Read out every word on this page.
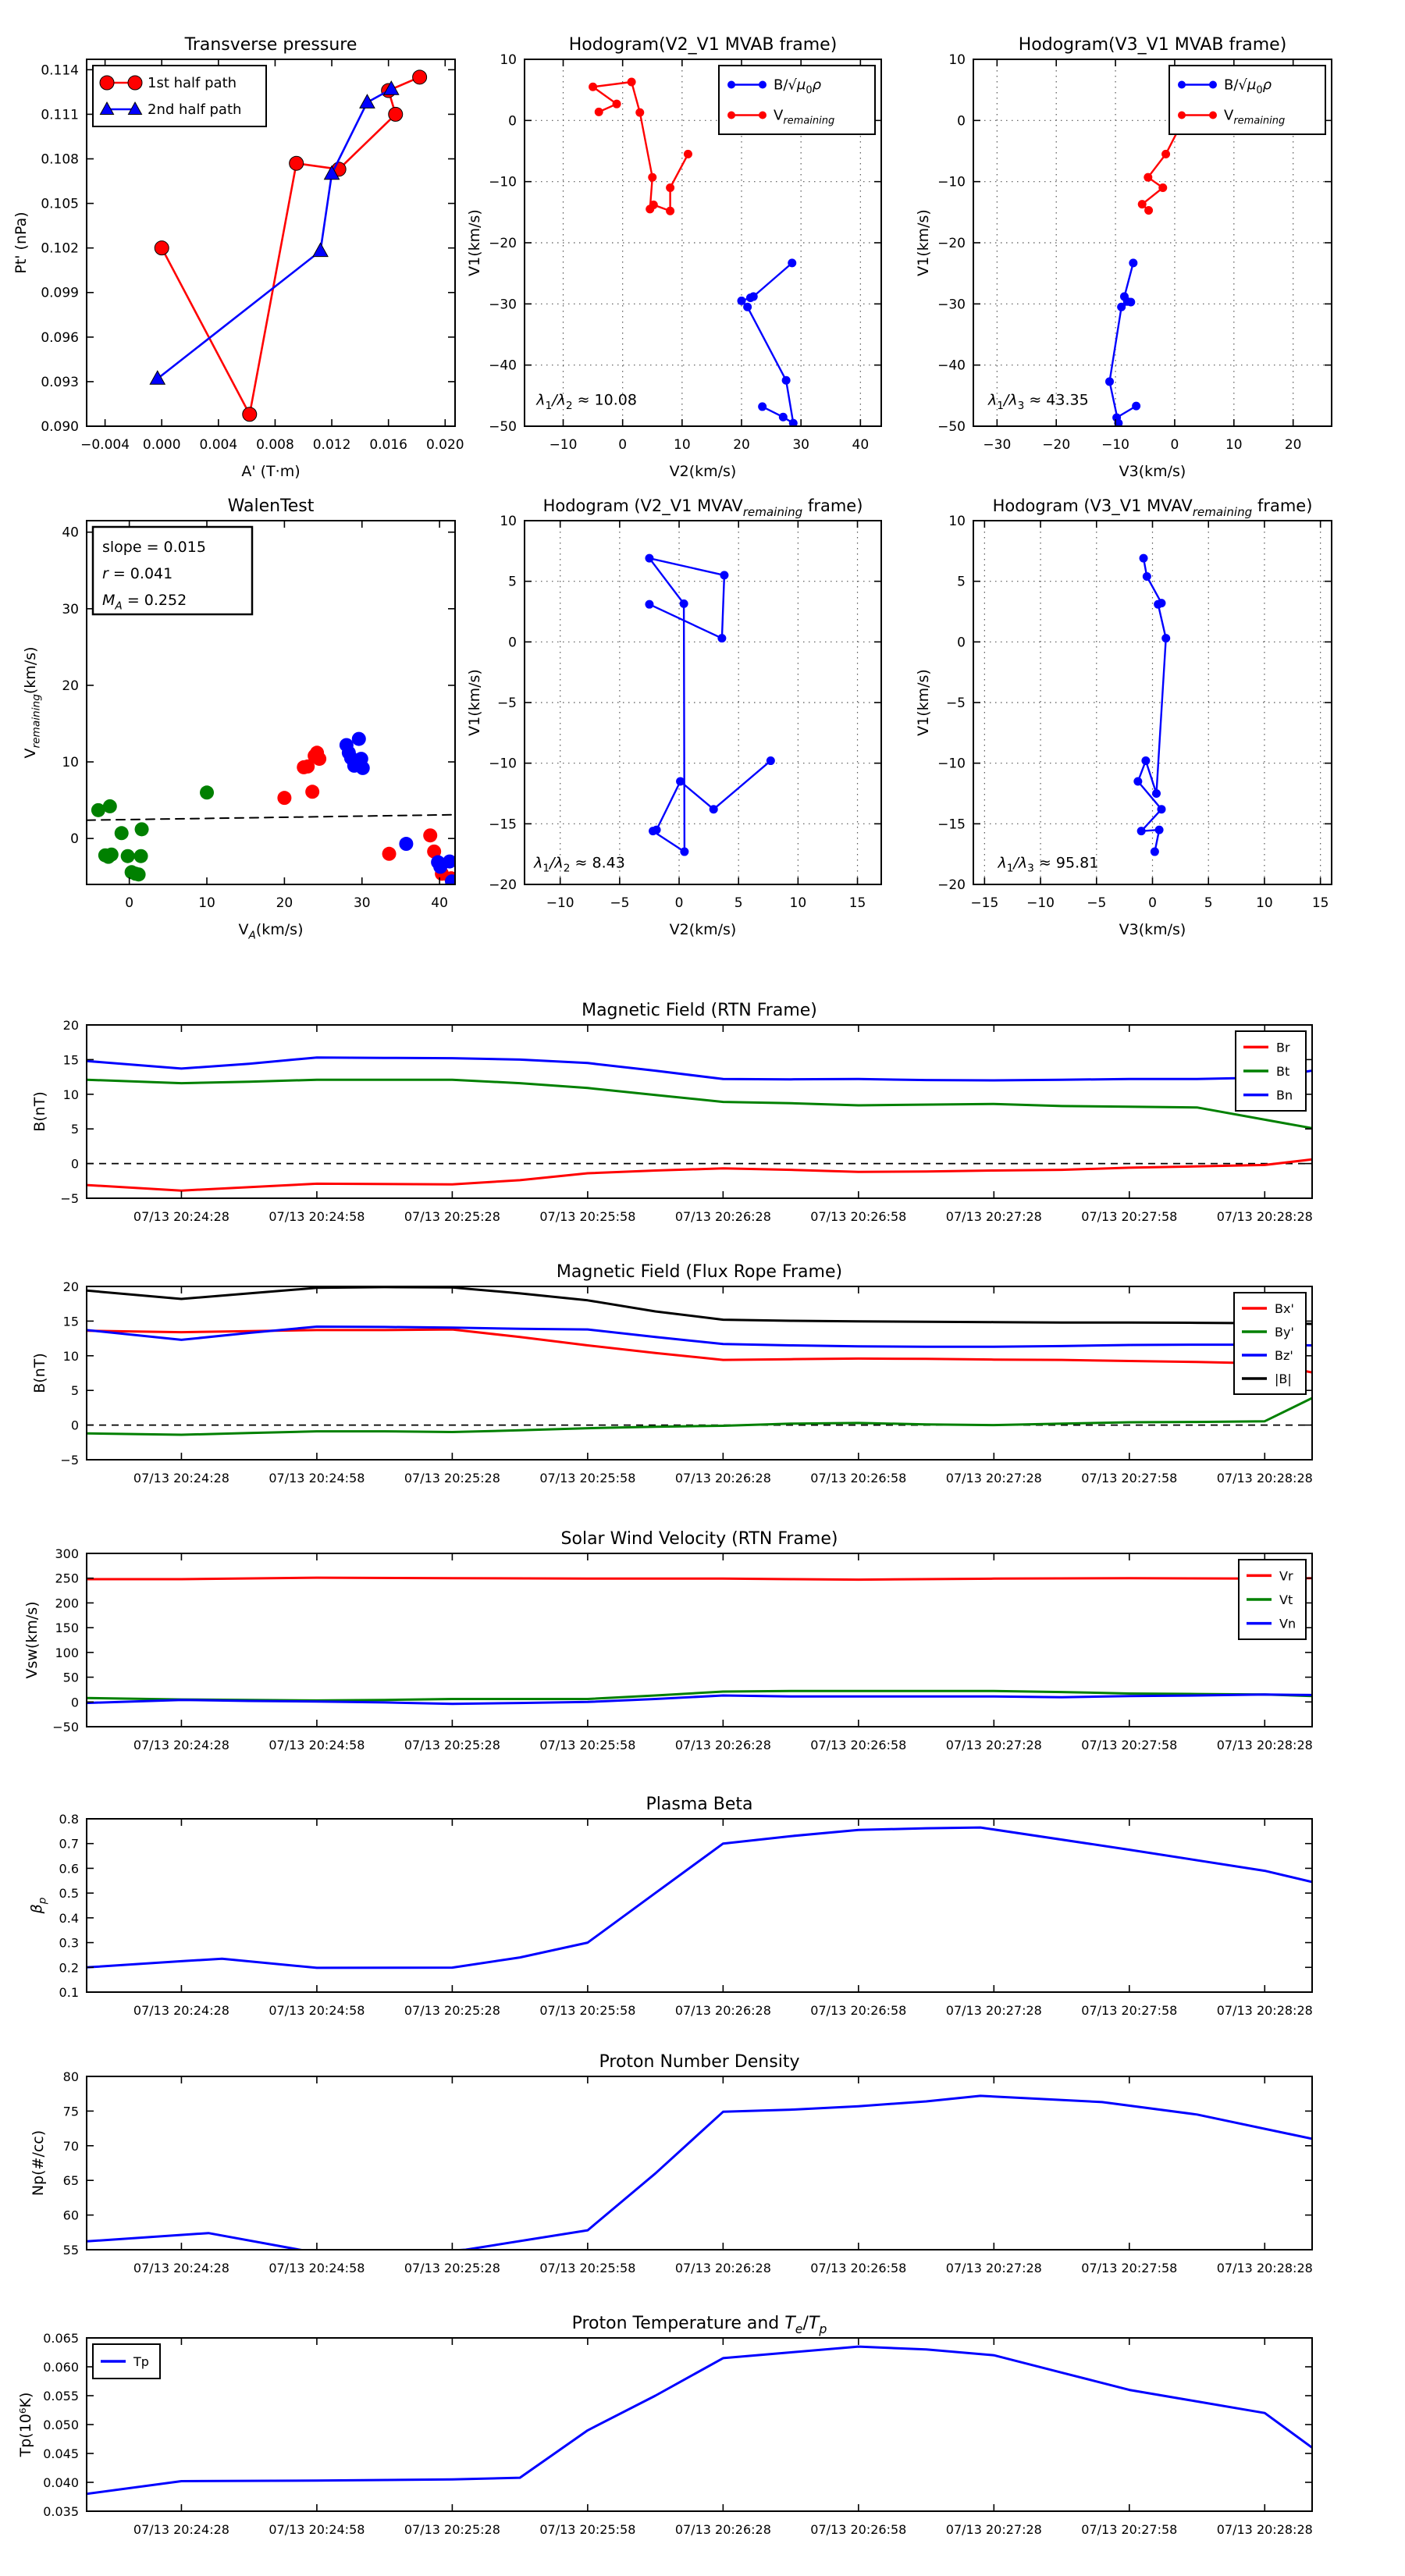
−0.004 0.000 0.004 0.008 0.012 0.016 0.020
0.090
0.093
0.096
0.099
0.102
0.105
0.108
0.111
0.114
Transverse pressure
A' (T·m)
Pt' (nPa)
1st half path
2nd half path
−10	0	10	20	30	40
−50
−40
−30
−20
−10
0
10
Hodogram(V2_V1 MVAB frame)
V2(km/s)
V1(km/s)
$\lambda_1/\lambda_2 \approx 10.08$
$B/√\mu_0\rho$
$V_{remaining}$
−30 −20 −10	0	10	20
−50
−40
−30
−20
−10
0
10
Hodogram(V3_V1 MVAB frame)
V3(km/s)
V1(km/s)
$\lambda_1/\lambda_3 \approx 43.35$
$B/√\mu_0\rho$
$V_{remaining}$
0	10	20	30	40
0
10
20
30
40
WalenTest
$V_A(km/s)$
$V_{remaining}(km/s)$
slope = 0.015
r = 0.041
$M_A = 0.252$
−10	−5	0	5	10	15
−20
−15
−10
−5
0
5
10
Hodogram (V2_V1 $MVAV_{remaining}$ frame)
V2(km/s)
V1(km/s)
$\lambda_1/\lambda_2 \approx 8.43$
−15 −10 −5	0	5	10	15
−20
−15
−10
−5
0
5
10
Hodogram (V3_V1 $MVAV_{remaining}$ frame)
V3(km/s)
V1(km/s)
$\lambda_1/\lambda_3 \approx 95.81$
07/13 20:24:28	07/13 20:24:58	07/13 20:25:28	07/13 20:25:58	07/13 20:26:28	07/13 20:26:58	07/13 20:27:28	07/13 20:27:58	07/13 20:28:28
−5
0
5
10
15
20
Magnetic Field (RTN Frame)
B(nT)
Br
Bt
Bn
07/13 20:24:28	07/13 20:24:58	07/13 20:25:28	07/13 20:25:58	07/13 20:26:28	07/13 20:26:58	07/13 20:27:28	07/13 20:27:58	07/13 20:28:28
−5
0
5
10
15
20
Magnetic Field (Flux Rope Frame)
B(nT)
Bx'
By'
Bz'
|B|
07/13 20:24:28	07/13 20:24:58	07/13 20:25:28	07/13 20:25:58	07/13 20:26:28	07/13 20:26:58	07/13 20:27:28	07/13 20:27:58	07/13 20:28:28
−50
0
50
100
150
200
250
300
Solar Wind Velocity (RTN Frame)
Vsw(km/s)
Vr
Vt
Vn
07/13 20:24:28	07/13 20:24:58	07/13 20:25:28	07/13 20:25:58	07/13 20:26:28	07/13 20:26:58	07/13 20:27:28	07/13 20:27:58	07/13 20:28:28
0.1
0.2
0.3
0.4
0.5
0.6
0.7
0.8
Plasma Beta
$\beta_p$
07/13 20:24:28	07/13 20:24:58	07/13 20:25:28	07/13 20:25:58	07/13 20:26:28	07/13 20:26:58	07/13 20:27:28	07/13 20:27:58	07/13 20:28:28
55
60
65
70
75
80
Proton Number Density
Np(#/cc)
07/13 20:24:28	07/13 20:24:58	07/13 20:25:28	07/13 20:25:58	07/13 20:26:28	07/13 20:26:58	07/13 20:27:28	07/13 20:27:58	07/13 20:28:28
0.035
0.040
0.045
0.050
0.055
0.060
0.065
Proton Temperature and $T_e/T_p$
Tp(10⁶K)
Tp
